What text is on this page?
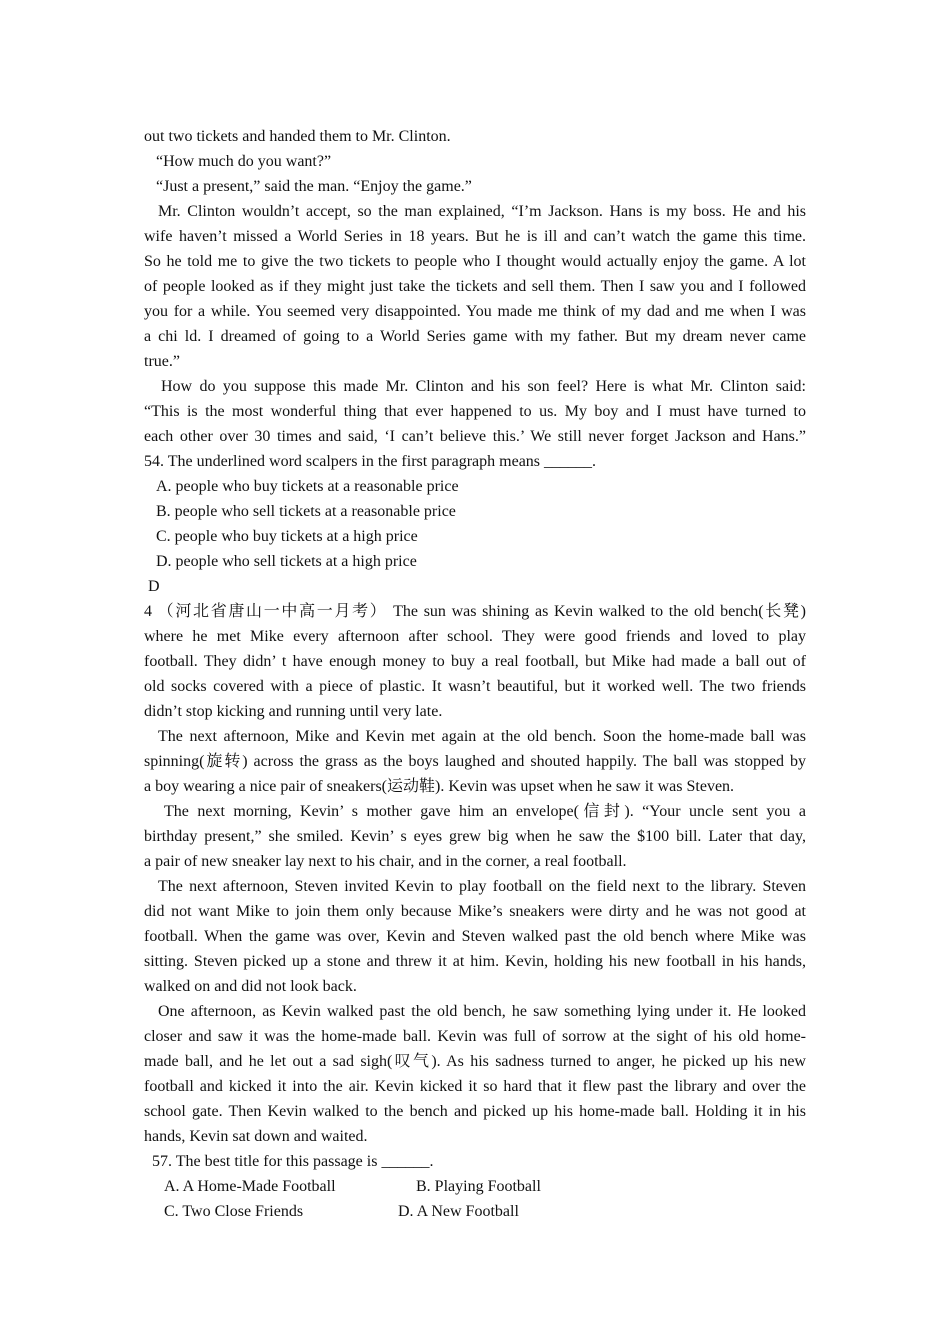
out two tickets and handed them to Mr. Clinton.
“How much do you want?”
“Just a present,” said the man. “Enjoy the game.”
Mr. Clinton wouldn’t accept, so the man explained, “I’m Jackson. Hans is my boss. He and his
wife haven’t missed a World Series in 18 years. But he is ill and can’t watch the game this time.
So he told me to give the two tickets to people who I thought would actually enjoy the game. A lot
of people looked as if they might just take the tickets and sell them. Then I saw you and I followed
you for a while. You seemed very disappointed. You made me think of my dad and me when I was
a chi ld. I dreamed of going to a World Series game with my father. But my dream never came
true.”
How do you suppose this made Mr. Clinton and his son feel? Here is what Mr. Clinton said:
“This is the most wonderful thing that ever happened to us. My boy and I must have turned to
each other over 30 times and said, ‘I can’t believe this.’ We still never forget Jackson and Hans.”
54. The underlined word scalpers in the first paragraph means ______.
A. people who buy tickets at a reasonable price
B. people who sell tickets at a reasonable price
C. people who buy tickets at a high price
D. people who sell tickets at a high price
D
4 （河北省唐山一中高一月考） The sun was shining as Kevin walked to the old bench(长凳)
where he met Mike every afternoon after school. They were good friends and loved to play
football. They didn’ t have enough money to buy a real football, but Mike had made a ball out of
old socks covered with a piece of plastic. It wasn’t beautiful, but it worked well. The two friends
didn’t stop kicking and running until very late.
The next afternoon, Mike and Kevin met again at the old bench. Soon the home-made ball was
spinning(旋转) across the grass as the boys laughed and shouted happily. The ball was stopped by
a boy wearing a nice pair of sneakers(运动鞋). Kevin was upset when he saw it was Steven.
The next morning, Kevin’ s mother gave him an envelope(信封). “Your uncle sent you a
birthday present,” she smiled. Kevin’ s eyes grew big when he saw the $100 bill. Later that day,
a pair of new sneaker lay next to his chair, and in the corner, a real football.
The next afternoon, Steven invited Kevin to play football on the field next to the library. Steven
did not want Mike to join them only because Mike’s sneakers were dirty and he was not good at
football. When the game was over, Kevin and Steven walked past the old bench where Mike was
sitting. Steven picked up a stone and threw it at him. Kevin, holding his new football in his hands,
walked on and did not look back.
One afternoon, as Kevin walked past the old bench, he saw something lying under it. He looked
closer and saw it was the home-made ball. Kevin was full of sorrow at the sight of his old home-
made ball, and he let out a sad sigh(叹气). As his sadness turned to anger, he picked up his new
football and kicked it into the air. Kevin kicked it so hard that it flew past the library and over the
school gate. Then Kevin walked to the bench and picked up his home-made ball. Holding it in his
hands, Kevin sat down and waited.
57. The best title for this passage is ______.
A. A Home-Made Football	B. Playing Football
C. Two Close Friends	D. A New Football
